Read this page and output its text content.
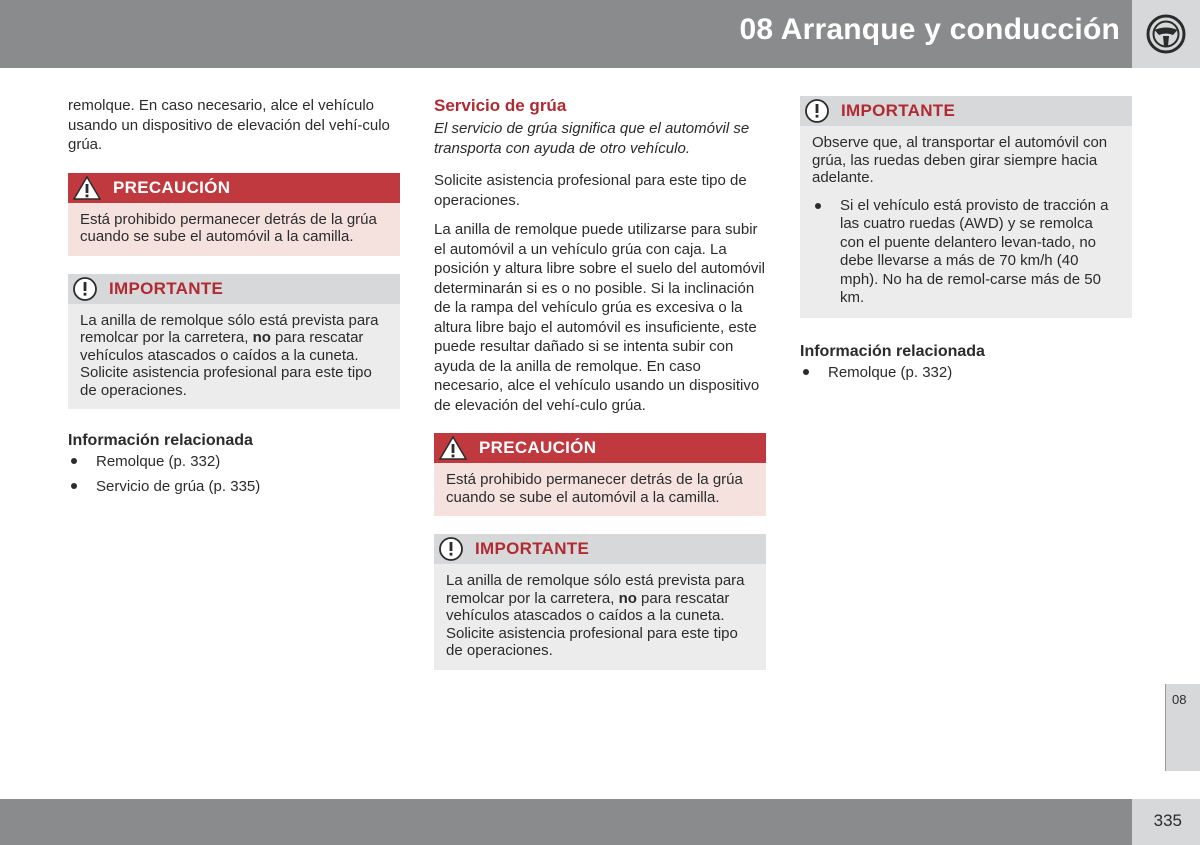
08 Arranque y conducción

remolque. En caso necesario, alce el vehículo usando un dispositivo de elevación del vehí-culo grúa.

PRECAUCIÓN
Está prohibido permanecer detrás de la grúa cuando se sube el automóvil a la camilla.
IMPORTANTE
La anilla de remolque sólo está prevista para remolcar por la carretera, no para rescatar vehículos atascados o caídos a la cuneta. Solicite asistencia profesional para este tipo de operaciones.
Información relacionada
Remolque (p. 332)
Servicio de grúa (p. 335)
Servicio de grúa

El servicio de grúa significa que el automóvil se transporta con ayuda de otro vehículo.

Solicite asistencia profesional para este tipo de operaciones.

La anilla de remolque puede utilizarse para subir el automóvil a un vehículo grúa con caja. La posición y altura libre sobre el suelo del automóvil determinarán si es o no posible. Si la inclinación de la rampa del vehículo grúa es excesiva o la altura libre bajo el automóvil es insuficiente, este puede resultar dañado si se intenta subir con ayuda de la anilla de remolque. En caso necesario, alce el vehículo usando un dispositivo de elevación del vehí-culo grúa.

PRECAUCIÓN
Está prohibido permanecer detrás de la grúa cuando se sube el automóvil a la camilla.
IMPORTANTE
La anilla de remolque sólo está prevista para remolcar por la carretera, no para rescatar vehículos atascados o caídos a la cuneta. Solicite asistencia profesional para este tipo de operaciones.
IMPORTANTE
Observe que, al transportar el automóvil con grúa, las ruedas deben girar siempre hacia adelante.
Si el vehículo está provisto de tracción a las cuatro ruedas (AWD) y se remolca con el puente delantero levan-tado, no debe llevarse a más de 70 km/h (40 mph). No ha de remol-carse más de 50 km.
Información relacionada
Remolque (p. 332)
08
335
